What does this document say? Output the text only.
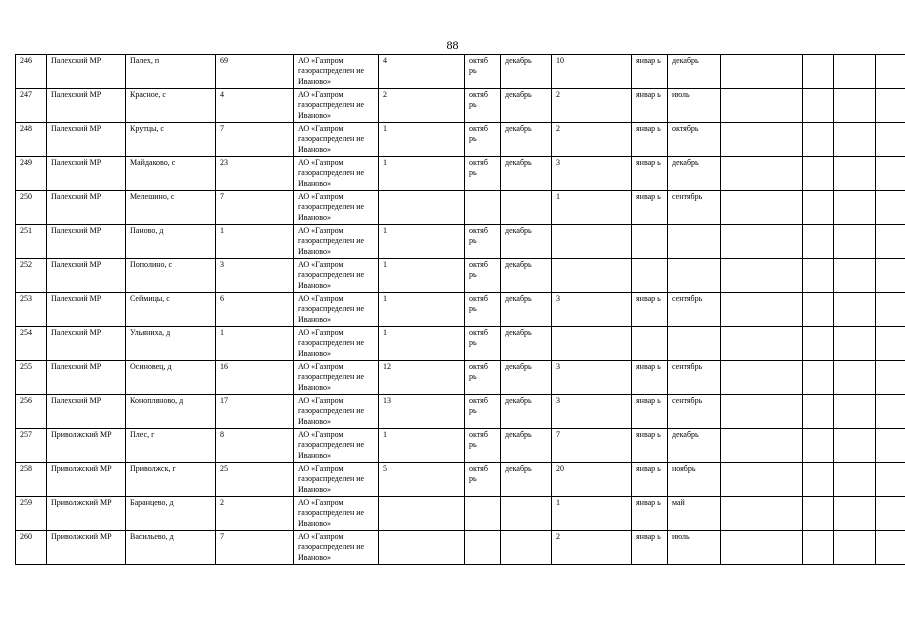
88
246	Палехский МР	Палех, п	69	АО «Газпром газораспределен ие Иваново»	4	октяб рь	декабрь	10	январ ь	декабрь				
247	Палехский МР	Красное, с	4	АО «Газпром газораспределен ие Иваново»	2	октяб рь	декабрь	2	январ ь	июль				
248	Палехский МР	Крутцы, с	7	АО «Газпром газораспределен ие Иваново»	1	октяб рь	декабрь	2	январ ь	октябрь				
249	Палехский МР	Майдаково, с	23	АО «Газпром газораспределен ие Иваново»	1	октяб рь	декабрь	3	январ ь	декабрь				
250	Палехский МР	Мелешино, с	7	АО «Газпром газораспределен ие Иваново»				1	январ ь	сентябрь				
251	Палехский МР	Паново, д	1	АО «Газпром газораспределен ие Иваново»	1	октяб рь	декабрь							
252	Палехский МР	Пополино, с	3	АО «Газпром газораспределен ие Иваново»	1	октяб рь	декабрь							
253	Палехский МР	Сеймицы, с	6	АО «Газпром газораспределен ие Иваново»	1	октяб рь	декабрь	3	январ ь	сентябрь				
254	Палехский МР	Ульяниха, д	1	АО «Газпром газораспределен ие Иваново»	1	октяб рь	декабрь							
255	Палехский МР	Осиновец, д	16	АО «Газпром газораспределен ие Иваново»	12	октяб рь	декабрь	3	январ ь	сентябрь				
256	Палехский МР	Конопляново, д	17	АО «Газпром газораспределен ие Иваново»	13	октяб рь	декабрь	3	январ ь	сентябрь				
257	Приволжский МР	Плес, г	8	АО «Газпром газораспределен ие Иваново»	1	октяб рь	декабрь	7	январ ь	декабрь				
258	Приволжский МР	Приволжск, г	25	АО «Газпром газораспределен ие Иваново»	5	октяб рь	декабрь	20	январ ь	ноябрь				
259	Приволжский МР	Баранцево, д	2	АО «Газпром газораспределен ие Иваново»				1	январ ь	май				
260	Приволжский МР	Васильево, д	7	АО «Газпром газораспределен ие Иваново»				2	январ ь	июль				
